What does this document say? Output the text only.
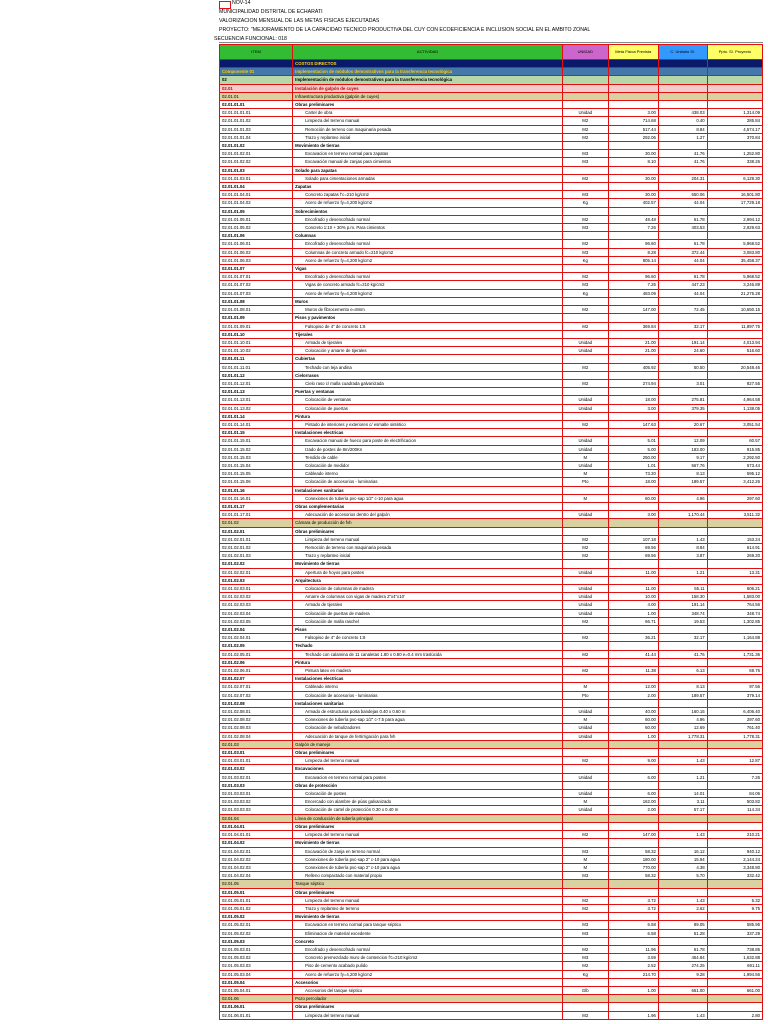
NOV-14
MUNICIPALIDAD DISTRITAL DE ECHARATI
VALORIZACION MENSUAL DE LAS METAS FISICAS EJECUTADAS
PROYECTO: "MEJORAMIENTO DE LA CAPACIDAD TECNICO PRODUCTIVA DEL CUY CON ECOEFICIENCIA E INCLUSION SOCIAL EN EL AMBITO ZONAL
SECUENCIA FUNCIONAL: 018
ITEM	ACTIVIDAD	UNIDAD	Meta Fisica Prevista	C. Unitario S/.	Ppto. S/. Proyecto
	COSTOS DIRECTOS				
Componente 01	Implementacion de módulos demostrativos para la transferencia tecnológica				
02	Implementación de módulos demostrativos para la transferencia tecnológica				
02.01	Instalación de galpón de cuyes				
02.01.01	Infraestructura productiva (galpón de cuyes)				
02.01.01.01	Obras preliminares				
02.01.01.01.01	Cartel de obra	Unidad	3.00	438.03	1,314.09
02.01.01.01.02	Limpieza del terreno manual	M2	714.68	0.40	285.84
02.01.01.01.03	Remoción de terreno con maquinaria pesada	M2	517.44	8.84	4,574.17
02.01.01.01.04	Trazo y replanteo inicial	M2	292.06	1.27	370.84
02.01.01.02	Movimiento de tierras				
02.01.01.02.01	Excavacion en terreno normal para zapatas	M3	30.00	41.76	1,252.80
02.01.01.02.02	Excavación manual de zanjas para cimientos	M3	8.10	41.76	338.26
02.01.01.03	Solado para zapatas				
02.01.01.03.01	Solado para cimentaciones armadas	M2	30.00	204.31	6,129.30
02.01.01.04	Zapatas				
02.01.01.04.01	Concreto zapatas f'c=210 kg/cm2	M3	30.00	550.06	16,501.80
02.01.01.04.02	Acero de refuerzo fy=4,200 kg/cm2	Kg	402.57	44.04	17,729.18
02.01.01.05	Sobrecimientos				
02.01.01.05.01	Encofrado y desencofrado normal	M2	48.48	61.78	2,994.12
02.01.01.05.02	Concreto 1:10 + 30% p.m. Para cimientos	M3	7.26	403.53	2,929.63
02.01.01.06	Columnas				
02.01.01.06.01	Encofrado y desencofrado normal	M2	96.60	61.78	5,968.52
02.01.01.06.02	Columnas de concreto armado fc=210 kg/cm2	M3	8.28	372.44	3,083.80
02.01.01.06.03	Acero de refuerzo fy=4,200 kg/cm2	Kg	805.14	44.04	35,458.37
02.01.01.07	Vigas				
02.01.01.07.01	Encofrado y desencofrado normal	M2	96.60	61.78	5,968.52
02.01.01.07.02	Vigas de concreto armado fc=210 kg/cm2	M3	7.26	447.23	3,246.89
02.01.01.07.03	Acero de refuerzo fy=4,200 kg/cm2	Kg	483.09	44.04	21,275.28
02.01.01.08	Muros				
02.01.01.08.01	Muros de fibrocemento e=8mm	M2	147.00	72.45	10,650.15
02.01.01.09	Pisos y pavimentos				
02.01.01.09.01	Falsopiso de 4" de concreto 1:8	M2	369.84	32.17	11,897.75
02.01.01.10	Tijerales				
02.01.01.10.01	Armado de tijerales	Unidad	21.00	191.14	4,013.94
02.01.01.10.02	Colocación y amarre de tijerales	Unidad	21.00	24.60	516.60
02.01.01.11	Cubiertas				
02.01.01.11.01	Techado con teja andina	M2	405.92	50.50	20,548.46
02.01.01.12	Cielorrasos				
02.01.01.12.01	Cielo raso c/ malla cuadrada galvanizada	M2	274.94	3.01	827.55
02.01.01.13	Puertas y ventanas				
02.01.01.13.01	Colocación de ventanas	Unidad	18.00	275.81	4,964.58
02.01.01.13.02	Colocación de puertas	Unidad	3.00	379.35	1,138.05
02.01.01.14	Pintura				
02.01.01.14.01	Pintado de interiores y exteriores c/ esmalte sintético	M2	147.63	20.67	3,051.54
02.01.01.15	Instalaciones electricas				
02.01.01.15.01	Excavacion manual de hueco para poste de electrificacion	Unidad	5.01	12.09	60.57
02.01.01.15.02	Izado de postes de 8m/200Kn	Unidad	5.00	183.00	915.85
02.01.01.15.03	Tendido de cable	M	250.00	9.17	2,292.50
02.01.01.15.04	Colocación de medidor	Unidad	1.01	567.76	573.44
02.01.01.15.05	Cableado interno	M	73.20	8.13	595.12
02.01.01.15.06	Colocación de accesorios - luminarias	Pto	18.00	189.57	3,412.26
02.01.01.16	Instalaciones sanitarias				
02.01.01.16.01	Conexiones de tubería pvc-sap 1/2" c-10 para agua	M	60.00	4.96	297.60
02.01.01.17	Obras complementarias				
02.01.01.17.01	Adecuación de accesorios dentro del galpón	Unidad	3.00	1,170.44	3,511.32
02.01.02	Cámara de producción de fvh				
02.01.02.01	Obras preliminares				
02.01.02.01.01	Limpieza del terreno manual	M2	107.18	1.43	153.24
02.01.02.01.02	Remoción de terreno con maquinaria pesada	M2	69.56	8.84	614.91
02.01.02.01.03	Trazo y replanteo inicial	M2	69.56	3.87	269.20
02.01.02.02	Movimiento de tierras				
02.01.02.02.01	Apertura de hoyos para postes	Unidad	11.00	1.21	13.31
02.01.02.03	Arquitectura				
02.01.02.03.01	Colocación de columnas de madera	Unidad	11.00	55.11	606.21
02.01.02.03.02	Amarre de columnas con vigas de madera 2"x4"x10'	Unidad	10.00	158.30	1,583.00
02.01.02.03.03	Armado de tijerales	Unidad	4.00	191.14	764.56
02.01.02.03.04	Colocación de puertas de madera	Unidad	1.00	348.74	348.74
02.01.02.03.05	Colocación de malla raschel	M2	66.71	19.53	1,302.85
02.01.02.04	Pisos				
02.01.02.04.01	Falsopiso de 4" de concreto 1:8	M2	36.21	32.17	1,164.88
02.01.02.05	Techado				
02.01.02.05.01	Techado con calamina de 11 canaletas 1.80 x 0.80 e=0.4 mm traslúcida	M2	41.44	41.76	1,731.36
02.01.02.06	Pintura				
02.01.02.06.01	Pintura latex en madera	M2	11.38	6.13	69.76
02.01.02.07	Instalaciones electricas				
02.01.02.07.01	Cableado interno	M	12.00	8.13	97.56
02.01.02.07.02	Colocación de accesorios - luminarias	Pto	2.00	189.57	379.14
02.01.02.08	Instalaciones sanitarias				
02.01.02.08.01	Armado de estructuras porta bandejas 0.40 x 0.60 m	Unidad	40.00	160.15	6,406.40
02.01.02.08.02	Conexiones de tubería pvc-sap 1/2" c-7.5 para agua	M	60.00	4.96	297.60
02.01.02.08.03	Colocación de nebulizadores	Unidad	60.00	12.69	761.40
02.01.02.08.04	Adecuación de tanque de fertirrigación para fvh	Unidad	1.00	1,778.31	1,778.31
02.01.03	Galpón de manejo				
02.01.03.01	Obras preliminares				
02.01.03.01.01	Limpieza del terreno manual	M2	9.00	1.43	12.87
02.01.03.02	Excavaciones				
02.01.03.02.01	Excavacion en terreno normal para postes	Unidad	6.00	1.21	7.26
02.01.03.03	Obras de protección				
02.01.03.03.01	Colocación de postes	Unidad	6.00	14.01	84.06
02.01.03.03.02	Encercado con alambre de púas galvanizado	M	162.00	3.11	503.82
02.01.03.03.03	Colocación de cartel de protección 0.30 x 0.40 m	Unidad	2.00	57.17	114.34
02.01.04	Línea de conducción de tubería principal				
02.01.04.01	Obras preliminares				
02.01.04.01.01	Limpieza del terreno manual	M2	147.00	1.43	210.21
02.01.04.02	Movimiento de tierras				
02.01.04.02.01	Excavación de zanja en terreno normal	M3	58.32	16.12	940.12
02.01.04.02.02	Conexiones de tubería pvc-sap 2" c-10 para agua	M	180.00	15.94	2,144.24
02.01.04.02.03	Conexiones de tubería pvc-sap 2" c-10 para agua	M	770.00	4.38	3,348.80
02.01.04.02.04	Relleno compactado con material propio	M3	58.32	5.70	332.42
02.01.05	Tanque séptico				
02.01.05.01	Obras preliminares				
02.01.05.01.01	Limpieza del terreno manual	M2	3.72	1.43	5.32
02.01.05.01.02	Trazo y replanteo de terreno	M2	3.72	2.62	9.75
02.01.05.02	Movimiento de tierras				
02.01.05.02.01	Excavacion en terreno normal para tanque séptico	M3	6.58	89.05	585.95
02.01.05.02.02	Eliminacion de material excedente	M3	6.58	51.28	337.29
02.01.05.03	Concreto				
02.01.05.03.01	Encofrado y desencofrado normal	M2	11.96	61.78	738.85
02.01.05.03.02	Concreto premezclado muro de contencion f'c=210 kg/cm2	M3	3.59	454.84	1,632.88
02.01.05.03.03	Piso de cemento acabado pulido	M2	2.52	274.25	691.11
02.01.05.03.04	Acero de refuerzo fy=4,200 kg/cm2	Kg	214.70	9.28	1,994.56
02.01.05.04	Accesorios				
02.01.05.04.01	Accesorios del tanque séptico	Glb	1.00	661.00	661.00
02.01.06	Pozo percolador				
02.01.06.01	Obras preliminares				
02.01.06.01.01	Limpieza del terreno manual	M2	1.96	1.43	2.80
